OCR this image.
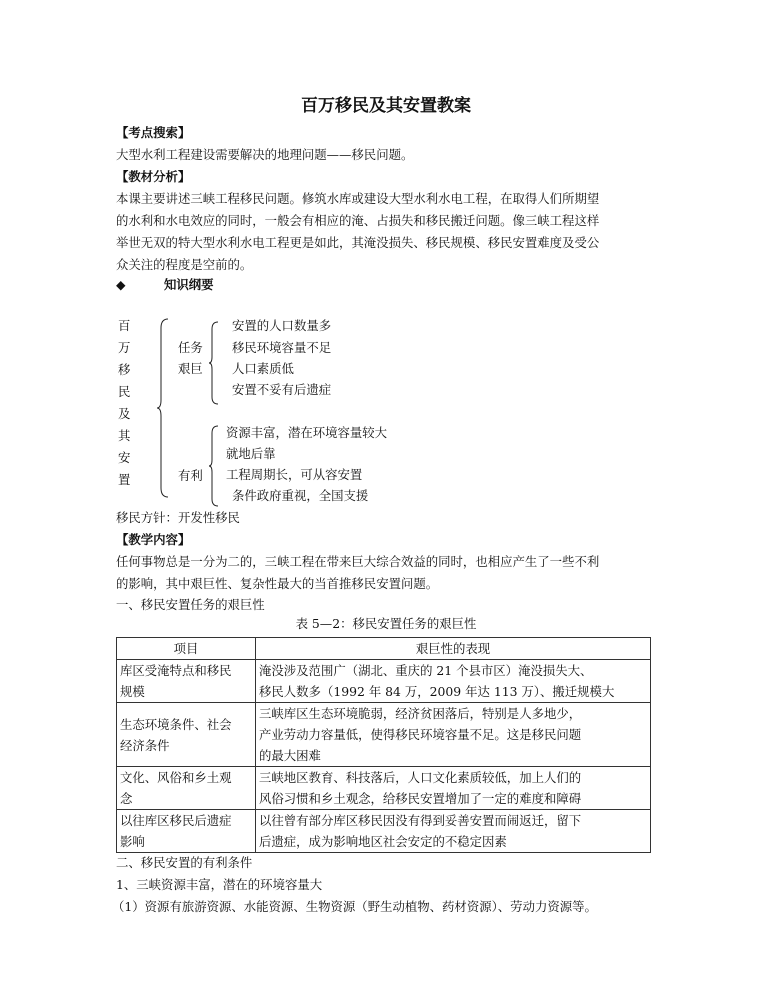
百万移民及其安置教案
【考点搜索】
大型水利工程建设需要解决的地理问题——移民问题。
【教材分析】
本课主要讲述三峡工程移民问题。修筑水库或建设大型水利水电工程，在取得人们所期望
的水利和水电效应的同时，一般会有相应的淹、占损失和移民搬迁问题。像三峡工程这样
举世无双的特大型水利水电工程更是如此，其淹没损失、移民规模、移民安置难度及受公
众关注的程度是空前的。
◆	知识纲要
百
万
移
民
及
其
安
置
任务
艰巨
安置的人口数量多
移民环境容量不足
人口素质低
安置不妥有后遗症
有利
资源丰富，潜在环境容量较大
就地后靠
工程周期长，可从容安置
条件政府重视，全国支援
移民方针：开发性移民
【教学内容】
任何事物总是一分为二的，三峡工程在带来巨大综合效益的同时，也相应产生了一些不利
的影响，其中艰巨性、复杂性最大的当首推移民安置问题。
一、移民安置任务的艰巨性
表 5—2：移民安置任务的艰巨性
项目	艰巨性的表现
库区受淹特点和移民
规模	淹没涉及范围广（湖北、重庆的 21 个县市区）淹没损失大、
移民人数多（1992 年 84 万，2009 年达 113 万）、搬迁规模大
生态环境条件、社会
经济条件	三峡库区生态环境脆弱，经济贫困落后，特别是人多地少，
产业劳动力容量低，使得移民环境容量不足。这是移民问题
的最大困难
文化、风俗和乡土观
念	三峡地区教育、科技落后，人口文化素质较低，加上人们的
风俗习惯和乡土观念，给移民安置增加了一定的难度和障碍
以往库区移民后遗症
影响	以往曾有部分库区移民因没有得到妥善安置而闹返迁，留下
后遗症，成为影响地区社会安定的不稳定因素
二、移民安置的有利条件
1、三峡资源丰富，潜在的环境容量大
（1）资源有旅游资源、水能资源、生物资源（野生动植物、药材资源）、劳动力资源等。
